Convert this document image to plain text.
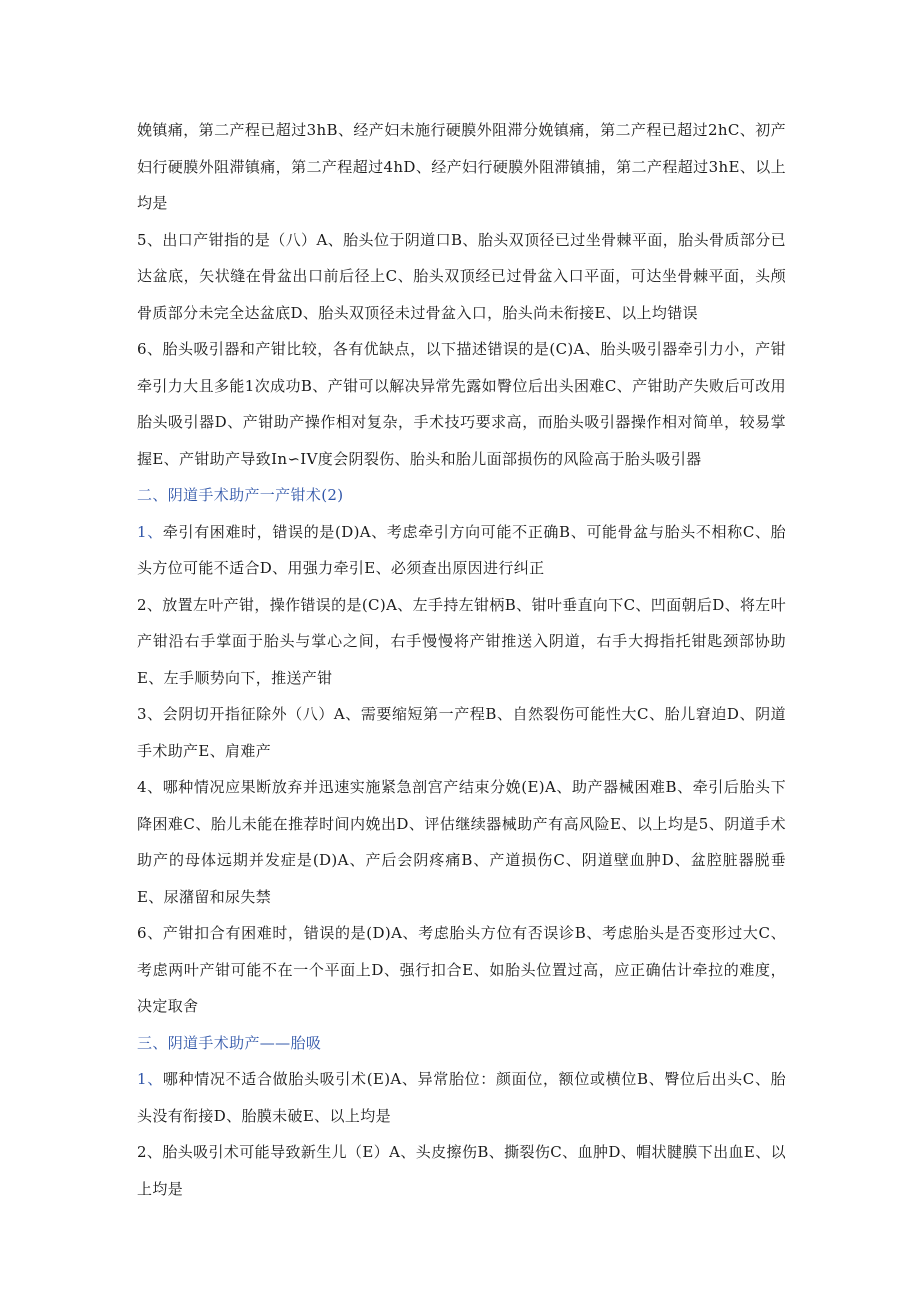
娩镇痛，第二产程已超过3hB、经产妇未施行硬膜外阻滞分娩镇痛，第二产程已超过2hC、初产妇行硬膜外阻滞镇痛，第二产程超过4hD、经产妇行硬膜外阻滞镇捕，第二产程超过3hE、以上均是

5、出口产钳指的是（八）A、胎头位于阴道口B、胎头双顶径已过坐骨棘平面，胎头骨质部分已达盆底，矢状缝在骨盆出口前后径上C、胎头双顶经已过骨盆入口平面，可达坐骨棘平面，头颅骨质部分未完全达盆底D、胎头双顶径未过骨盆入口，胎头尚未衔接E、以上均错误

6、胎头吸引器和产钳比较，各有优缺点，以下描述错误的是(C)A、胎头吸引器牵引力小，产钳牵引力大且多能1次成功B、产钳可以解决异常先露如臀位后出头困难C、产钳助产失败后可改用胎头吸引器D、产钳助产操作相对复杂，手术技巧要求高，而胎头吸引器操作相对简单，较易掌握E、产钳助产导致In∽IV度会阴裂伤、胎头和胎儿面部损伤的风险高于胎头吸引器

二、阴道手术助产一产钳术(2)

1、牵引有困难时，错误的是(D)A、考虑牵引方向可能不正确B、可能骨盆与胎头不相称C、胎头方位可能不适合D、用强力牵引E、必须查出原因进行纠正

2、放置左叶产钳，操作错误的是(C)A、左手持左钳柄B、钳叶垂直向下C、凹面朝后D、将左叶产钳沿右手掌面于胎头与掌心之间，右手慢慢将产钳推送入阴道，右手大拇指托钳匙颈部协助E、左手顺势向下，推送产钳

3、会阴切开指征除外（八）A、需要缩短第一产程B、自然裂伤可能性大C、胎儿窘迫D、阴道手术助产E、肩难产

4、哪种情况应果断放弃并迅速实施紧急剖宫产结束分娩(E)A、助产器械困难B、牵引后胎头下降困难C、胎儿未能在推荐时间内娩出D、评估继续器械助产有高风险E、以上均是5、阴道手术助产的母体远期并发症是(D)A、产后会阴疼痛B、产道损伤C、阴道壁血肿D、盆腔脏器脱垂E、尿潴留和尿失禁

6、产钳扣合有困难时，错误的是(D)A、考虑胎头方位有否误诊B、考虑胎头是否变形过大C、考虑两叶产钳可能不在一个平面上D、强行扣合E、如胎头位置过高，应正确估计牵拉的难度，决定取舍

三、阴道手术助产——胎吸

1、哪种情况不适合做胎头吸引术(E)A、异常胎位：颜面位，额位或横位B、臀位后出头C、胎头没有衔接D、胎膜未破E、以上均是

2、胎头吸引术可能导致新生儿（E）A、头皮擦伤B、撕裂伤C、血肿D、帽状腱膜下出血E、以上均是
